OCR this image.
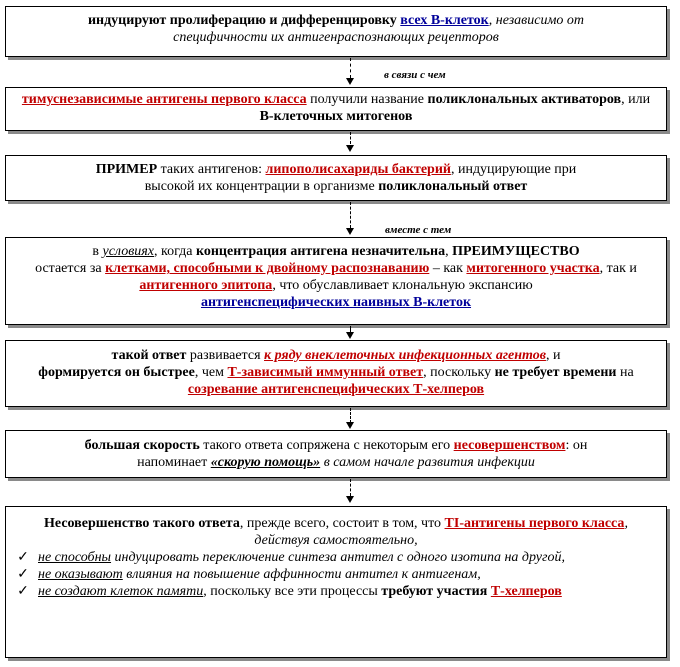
индуцируют пролиферацию и дифференцировку всех В-клеток, независимо от
специфичности их антигенраспознающих рецепторов
в связи с чем
тимуснезависимые антигены первого класса получили название поликлональных активаторов, или В-клеточных митогенов
ПРИМЕР таких антигенов: липополисахариды бактерий, индуцирующие при
высокой их концентрации в организме поликлональный ответ
вместе с тем
в условиях, когда концентрация антигена незначительна, ПРЕИМУЩЕСТВО
остается за клетками, способными к двойному распознаванию – как митогенного участка, так и антигенного эпитопа, что обуславливает клональную экспансию
антигенспецифических наивных В-клеток
такой ответ развивается к ряду внеклеточных инфекционных агентов, и
формируется он быстрее, чем Т-зависимый иммунный ответ, поскольку не требует времени на созревание антигенспецифических Т-хелперов
большая скорость такого ответа сопряжена с некоторым его несовершенством: он
напоминает «скорую помощь» в самом начале развития инфекции
Несовершенство такого ответа, прежде всего, состоит в том, что ТI-антигены первого класса, действуя самостоятельно,
✓ не способны индуцировать переключение синтеза антител с одного изотипа на другой,
✓ не оказывают влияния на повышение аффинности антител к антигенам,
✓ не создают клеток памяти, поскольку все эти процессы требуют участия Т-хелперов
